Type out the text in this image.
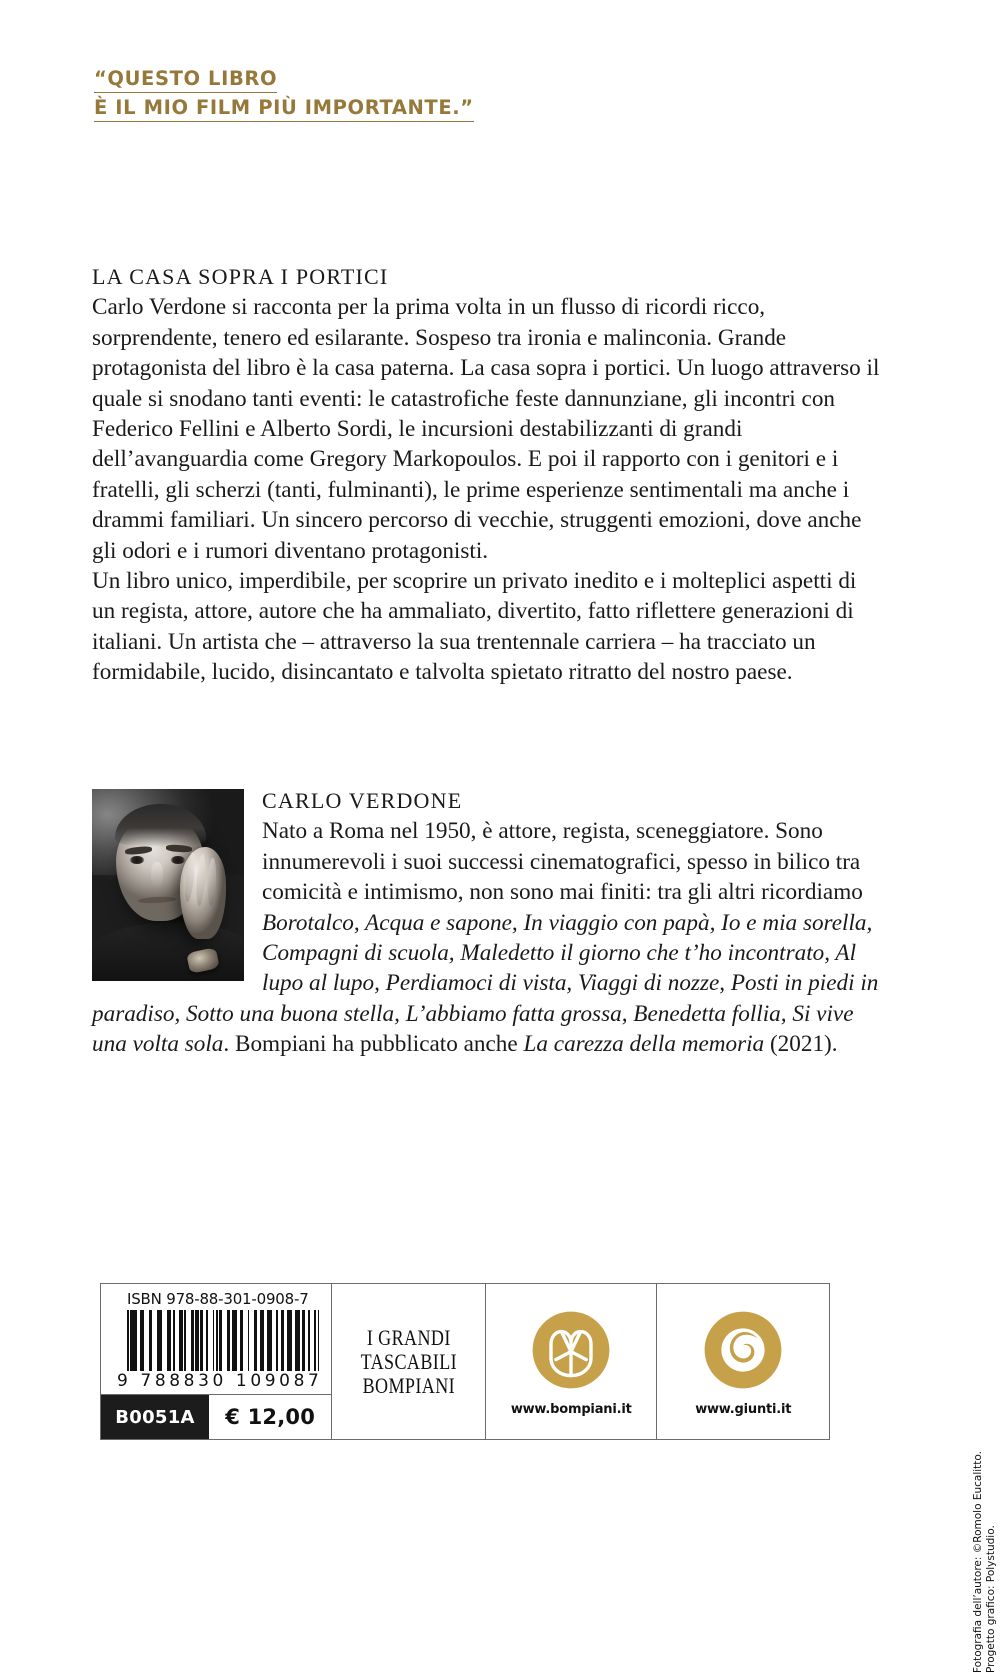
“QUESTO LIBRO
È IL MIO FILM PIÙ IMPORTANTE.”
LA CASA SOPRA I PORTICI
Carlo Verdone si racconta per la prima volta in un flusso di ricordi ricco, sorprendente, tenero ed esilarante. Sospeso tra ironia e malinconia. Grande protagonista del libro è la casa paterna. La casa sopra i portici. Un luogo attraverso il quale si snodano tanti eventi: le catastrofiche feste dannunziane, gli incontri con Federico Fellini e Alberto Sordi, le incursioni destabilizzanti di grandi dell’avanguardia come Gregory Markopoulos. E poi il rapporto con i genitori e i fratelli, gli scherzi (tanti, fulminanti), le prime esperienze sentimentali ma anche i drammi familiari. Un sincero percorso di vecchie, struggenti emozioni, dove anche gli odori e i rumori diventano protagonisti.
Un libro unico, imperdibile, per scoprire un privato inedito e i molteplici aspetti di un regista, attore, autore che ha ammaliato, divertito, fatto riflettere generazioni di italiani. Un artista che – attraverso la sua trentennale carriera – ha tracciato un formidabile, lucido, disincantato e talvolta spietato ritratto del nostro paese.
CARLO VERDONE
Nato a Roma nel 1950, è attore, regista, sceneggiatore. Sono innumerevoli i suoi successi cinematografici, spesso in bilico tra comicità e intimismo, non sono mai finiti: tra gli altri ricordiamo Borotalco, Acqua e sapone, In viaggio con papà, Io e mia sorella, Compagni di scuola, Maledetto il giorno che t’ho incontrato, Al lupo al lupo, Perdiamoci di vista, Viaggi di nozze, Posti in piedi in paradiso, Sotto una buona stella, L’abbiamo fatta grossa, Benedetta follia, Si vive una volta sola. Bompiani ha pubblicato anche La carezza della memoria (2021).
ISBN 978-88-301-0908-7
9 788830 109087
B0051A	€ 12,00
I GRANDI
TASCABILI
BOMPIANI
www.bompiani.it	www.giunti.it
Fotografia dell’autore: ©Romolo Eucalitto. Progetto grafico: Polystudio.
